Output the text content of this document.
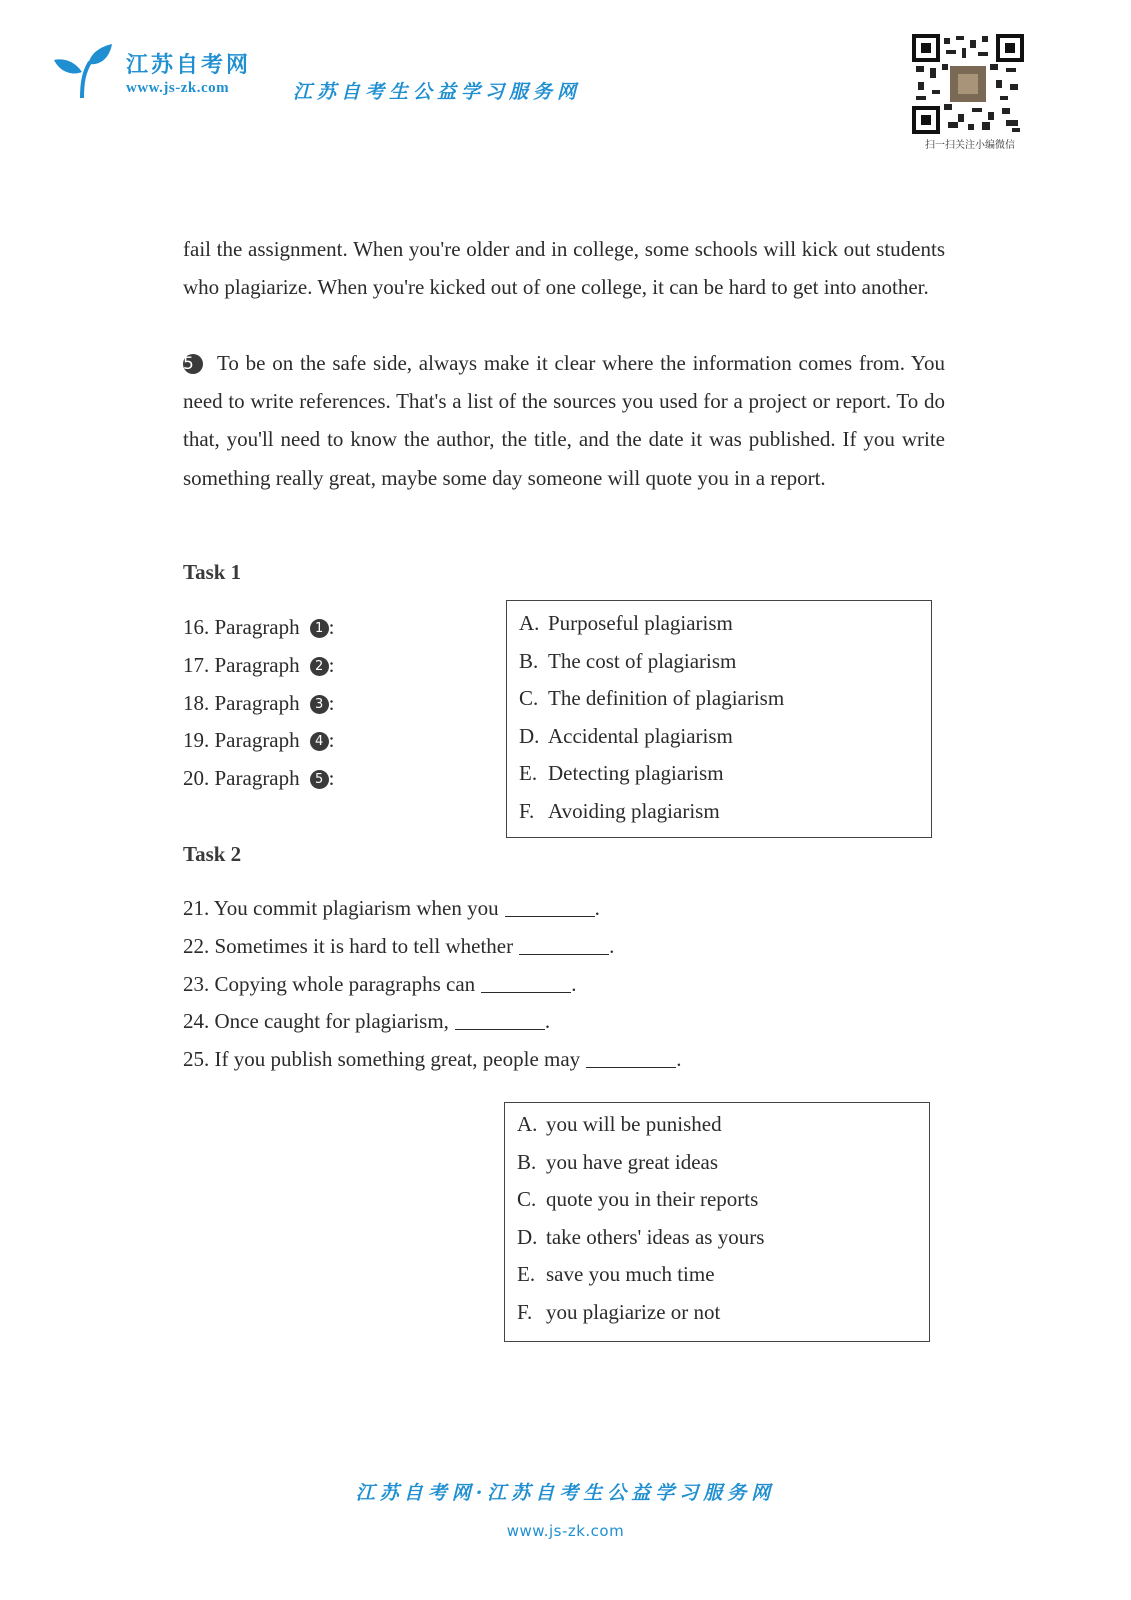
江苏自考网
www.js-zk.com	江苏自考生公益学习服务网
扫一扫关注小编微信
fail the assignment. When you're older and in college, some schools will kick out students who plagiarize. When you're kicked out of one college, it can be hard to get into another.
5 To be on the safe side, always make it clear where the information comes from. You need to write references. That's a list of the sources you used for a project or report. To do that, you'll need to know the author, the title, and the date it was published. If you write something really great, maybe some day someone will quote you in a report.
Task 1
16. Paragraph 1 :
17. Paragraph 2 :
18. Paragraph 3 :
19. Paragraph 4 :
20. Paragraph 5 :
A. Purposeful plagiarism
B. The cost of plagiarism
C. The definition of plagiarism
D. Accidental plagiarism
E. Detecting plagiarism
F. Avoiding plagiarism
Task 2
21. You commit plagiarism when you	.
22. Sometimes it is hard to tell whether	.
23. Copying whole paragraphs can	.
24. Once caught for plagiarism,	.
25. If you publish something great, people may	.
A. you will be punished
B. you have great ideas
C. quote you in their reports
D. take others' ideas as yours
E. save you much time
F. you plagiarize or not
江苏自考网·江苏自考生公益学习服务网
www.js-zk.com
